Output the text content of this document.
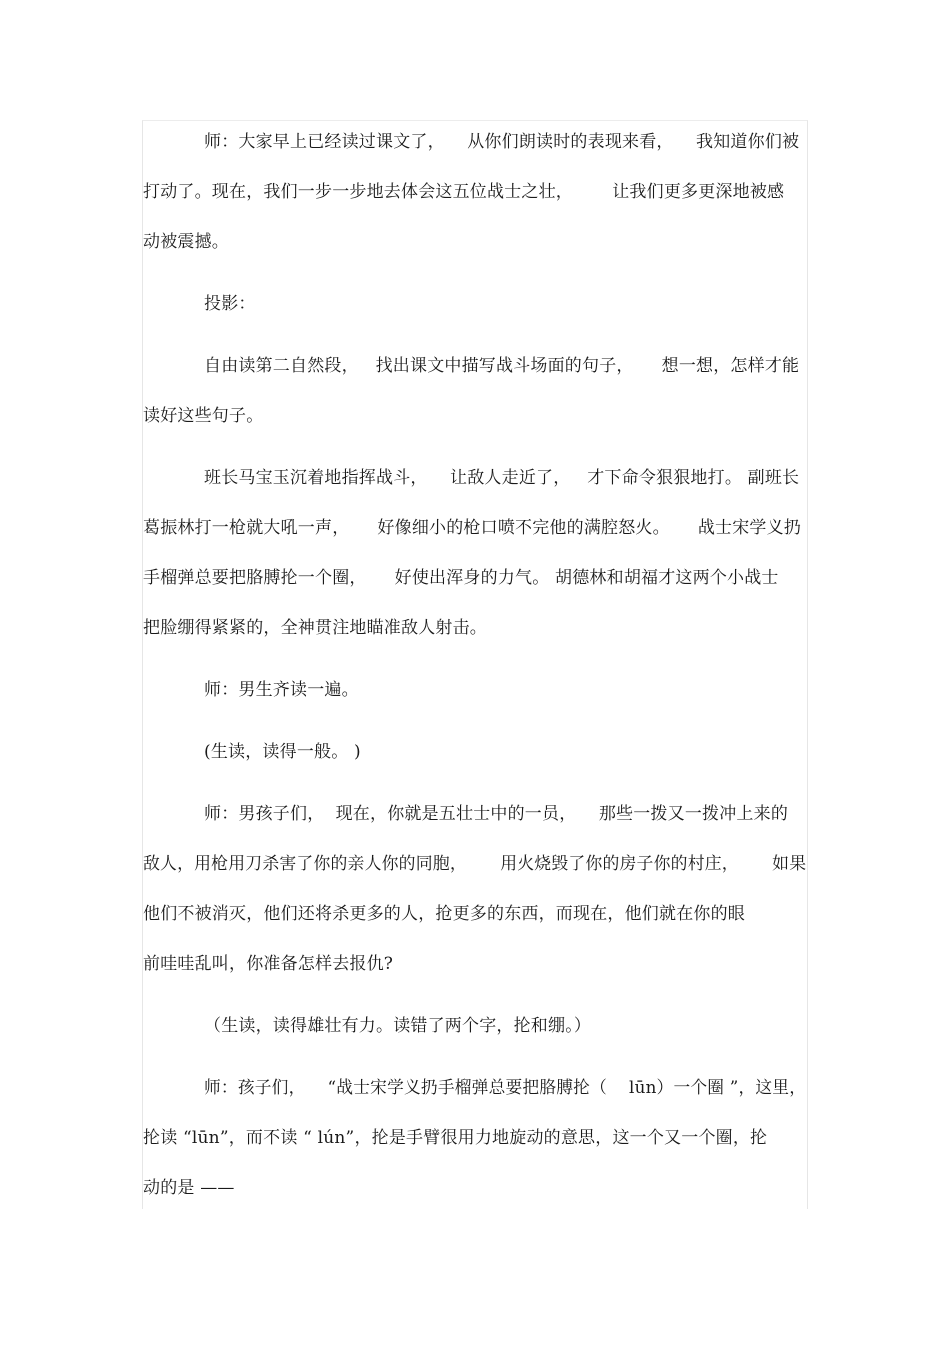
师：大家早上已经读过课文了，    从你们朗读时的表现来看，    我知道你们被
打动了。现在，我们一步一步地去体会这五位战士之壮，       让我们更多更深地被感
动被震撼。
投影：
自由读第二自然段，   找出课文中描写战斗场面的句子，     想一想，怎样才能
读好这些句子。
班长马宝玉沉着地指挥战斗，    让敌人走近了，   才下命令狠狠地打。 副班长
葛振林打一枪就大吼一声，     好像细小的枪口喷不完他的满腔怒火。     战士宋学义扔
手榴弹总要把胳膊抡一个圈，     好使出浑身的力气。 胡德林和胡福才这两个小战士
把脸绷得紧紧的，全神贯注地瞄准敌人射击。
师：男生齐读一遍。
(生读，读得一般。 )
师：男孩子们，  现在，你就是五壮士中的一员，    那些一拨又一拨冲上来的
敌人，用枪用刀杀害了你的亲人你的同胞，      用火烧毁了你的房子你的村庄，      如果
他们不被消灭，他们还将杀更多的人，抢更多的东西，而现在，他们就在你的眼
前哇哇乱叫，你准备怎样去报仇?
（生读，读得雄壮有力。读错了两个字，抡和绷。）
师：孩子们，    “战士宋学义扔手榴弹总要把胳膊抡（    lūn）一个圈 ”，这里，
抡读 “lūn”，而不读 “ lún”，抡是手臂很用力地旋动的意思，这一个又一个圈，抡
动的是 ——
